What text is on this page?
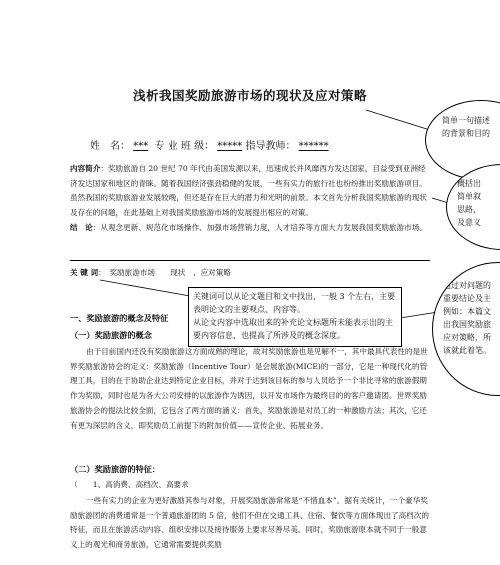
浅析我国奖励旅游市场的现状及应对策略
姓　名： *** 专 业 班 级： ***** 指导教师： ******
内容简介：奖励旅游自 20 世纪 70 年代由美国发源以来，迅速成长并风靡西方发达国家，目益受到亚洲经济发达国家和地区的青睐。随着我国经济强劲稳健的发展，一些有实力的旅行社也纷纷推出奖励旅游项目。虽然我国的奖励旅游业发展较晚，但还是存在巨大的潜力和光明的前景。本文首先分析我国奖励旅游的现状及存在的问题，在此基础上对我国奖励旅游市场的发展提出相应的对策。
结　论：从观念更新、规范化市场操作、加强市场营销力度，人才培养等方面大力发展我国奖励旅游市场。
关 键 词：　奖励旅游市场　　现状　、应对策略
简单一句描述
的背景和目的
概括出
简单叙
思路，
及意义
通过对问题的
重要结论及主
例如：本篇文
出我国奖励旅
应对策略，所
该就此着笔。
关键词可以从论文题目和文中找出，一般 3 个左右，主要表明论文的主要观点、内容等。
从论文内容中选取出来的补充论文标题所未能表示出的主要内容信息，也提高了所涉及的概念深度。
一、奖励旅游的概念及特征
（一）奖励旅游的概念
由于目前国内还没有奖励旅游这方面成熟的理论，故对奖励旅游也是见解不一，其中最具代表性的是世界奖励旅游协会的定义：奖励旅游（Incentive Tour）是会展旅游(MICE)的一部分，它是一种现代化的管理工具，目的在于协助企业达到特定企业目标，并对于达到该目标的参与人员给予一个非比寻常的旅游假期作为奖励，同时也是为各大公司安排的以旅游作为诱因，以开发市场作为最终目的的客户邀请团。世界奖励旅游协会的提法比较全面，它包含了两方面的涵义：首先，奖励旅游是对员工的一种激励方法；其次，它还有更为深层的含义，即奖励员工前提下的附加价值——宣传企业、拓展业务。
（二）奖励旅游的特征：
（　　1、高消费、高档次、高要求
一些有实力的企业为更好激励其参与对象，开展奖励旅游常常是“不惜血本”。据有关统计，一个豪华奖励旅游团的消费通常是一个普通旅游团的 5 倍，他们不但在交通工具、住宿、餐饮等方面体现出了高档次的特征，而且在旅游活动内容、组织安排以及接待服务上要求尽善尽美。同时，奖励旅游原本就不同于一般意义上的观光和商务旅游，它通常需要提供奖励
